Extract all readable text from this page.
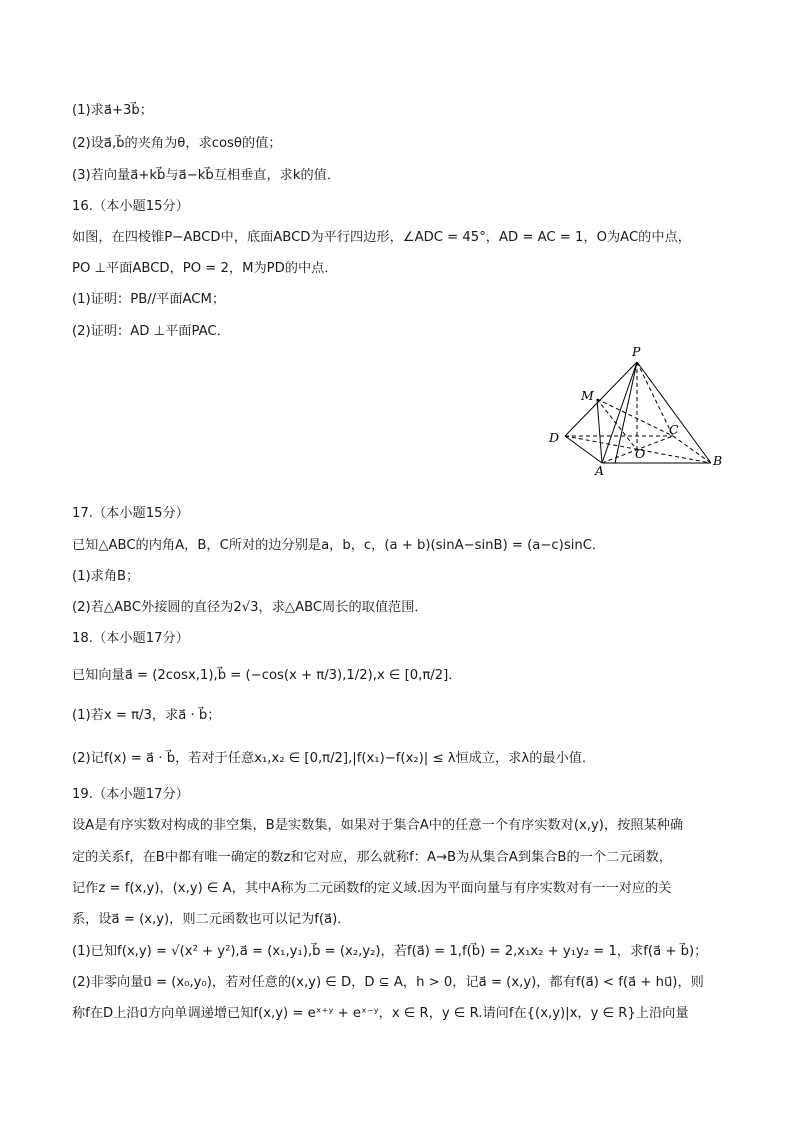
(1)求a⃗+3b⃗；
(2)设a⃗,b⃗的夹角为θ，求cosθ的值；
(3)若向量a⃗+kb⃗与a⃗−kb⃗互相垂直，求k的值．
16.（本小题15分）
如图，在四棱锥P−ABCD中，底面ABCD为平行四边形，∠ADC = 45°，AD = AC = 1，O为AC的中点，
PO ⊥平面ABCD，PO = 2，M为PD的中点．
(1)证明：PB//平面ACM；
(2)证明：AD ⊥平面PAC．
P
M
D
C
O
A
B
17.（本小题15分）
已知△ABC的内角A，B，C所对的边分别是a，b，c，(a + b)(sinA−sinB) = (a−c)sinC．
(1)求角B；
(2)若△ABC外接圆的直径为2√3，求△ABC周长的取值范围．
18.（本小题17分）
已知向量a⃗ = (2cosx,1),b⃗ = (−cos(x + π/3),1/2),x ∈ [0,π/2]．
(1)若x = π/3，求a⃗ · b⃗；
(2)记f(x) = a⃗ · b⃗，若对于任意x₁,x₂ ∈ [0,π/2],|f(x₁)−f(x₂)| ≤ λ恒成立，求λ的最小值．
19.（本小题17分）
设A是有序实数对构成的非空集，B是实数集，如果对于集合A中的任意一个有序实数对(x,y)，按照某种确
定的关系f，在B中都有唯一确定的数z和它对应，那么就称f：A→B为从集合A到集合B的一个二元函数，
记作z = f(x,y)，(x,y) ∈ A，其中A称为二元函数f的定义域.因为平面向量与有序实数对有一一对应的关
系，设a⃗ = (x,y)，则二元函数也可以记为f(a⃗)．
(1)已知f(x,y) = √(x² + y²),a⃗ = (x₁,y₁),b⃗ = (x₂,y₂)，若f(a⃗) = 1,f(b⃗) = 2,x₁x₂ + y₁y₂ = 1，求f(a⃗ + b⃗)；
(2)非零向量u⃗ = (x₀,y₀)，若对任意的(x,y) ∈ D，D ⊆ A，h > 0，记a⃗ = (x,y)，都有f(a⃗) < f(a⃗ + hu⃗)，则
称f在D上沿u⃗方向单调递增已知f(x,y) = eˣ⁺ʸ + eˣ⁻ʸ，x ∈ R，y ∈ R.请问f在{(x,y)|x，y ∈ R}上沿向量
